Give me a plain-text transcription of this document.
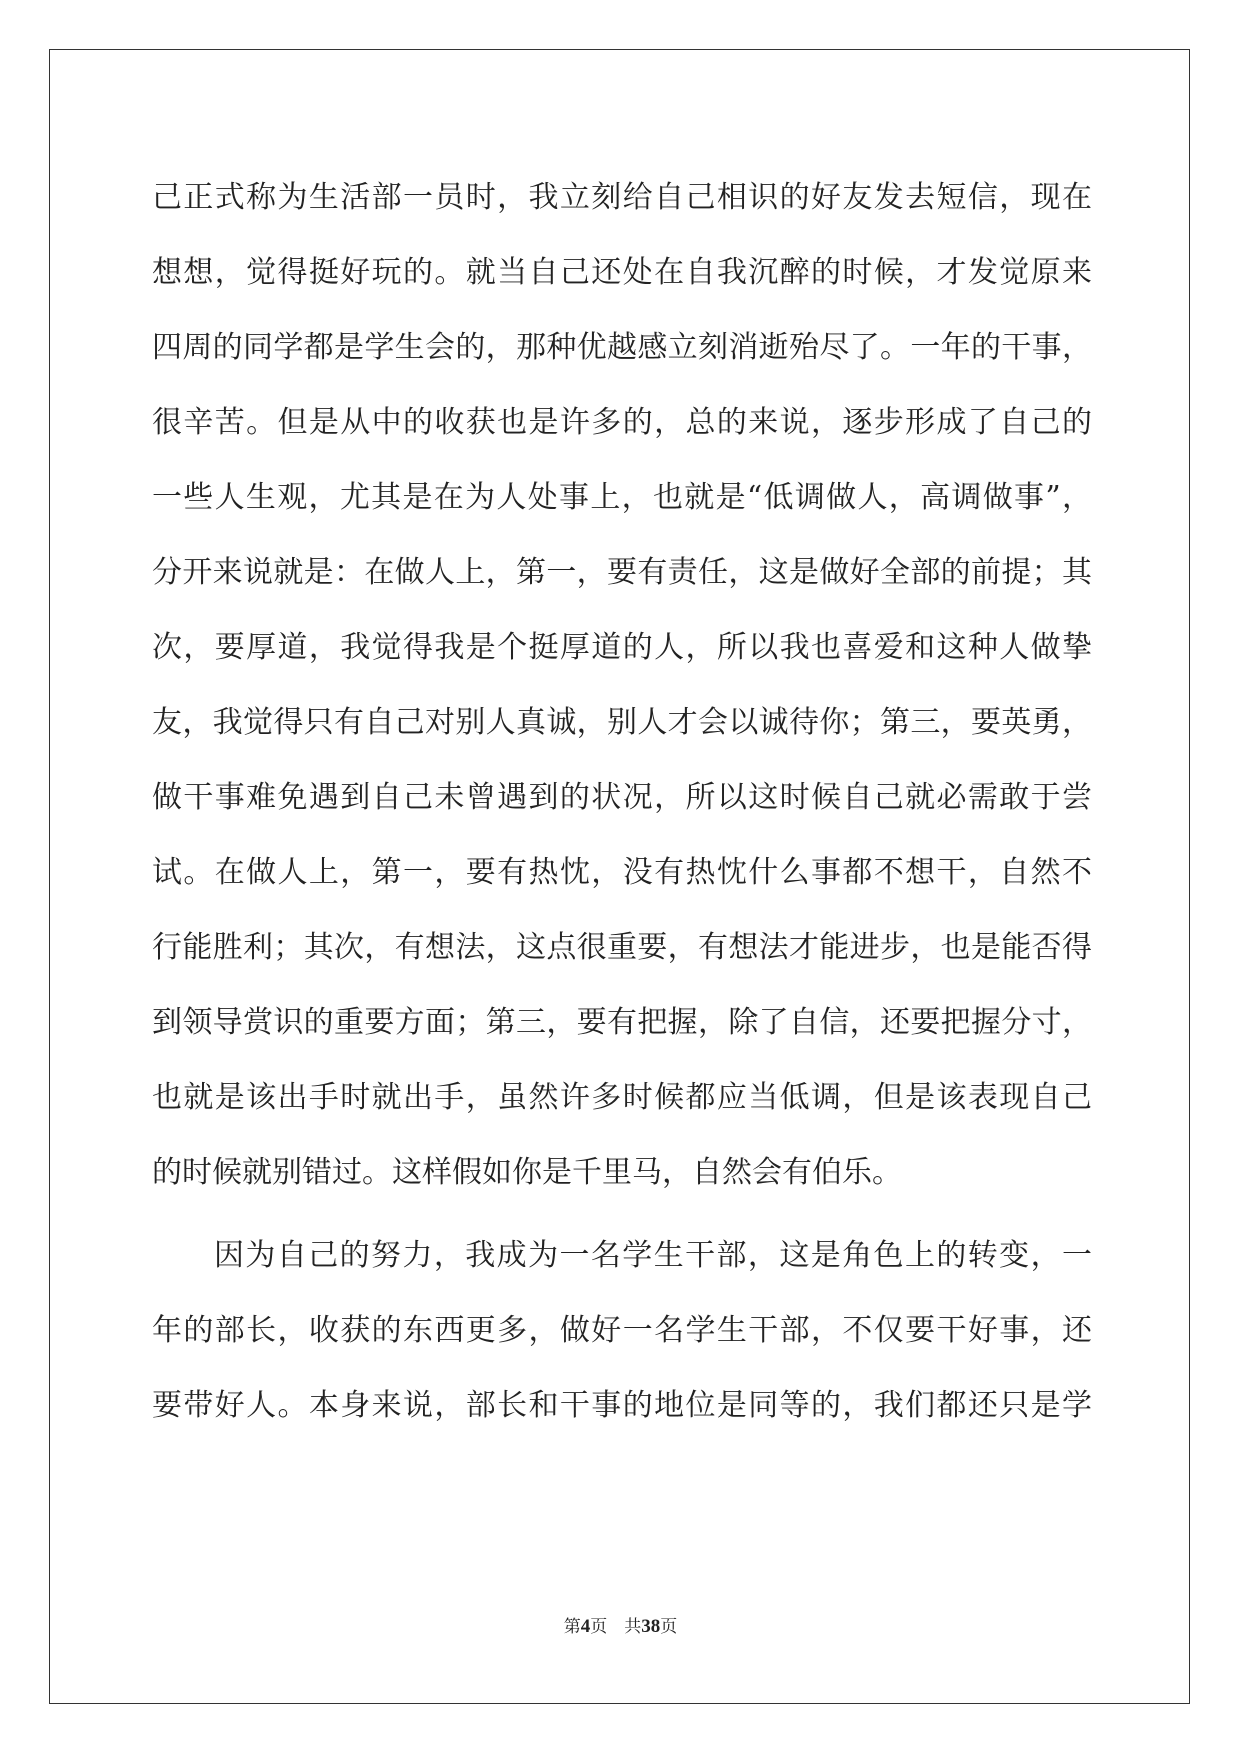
己正式称为生活部一员时，我立刻给自己相识的好友发去短信，现在
想想，觉得挺好玩的。就当自己还处在自我沉醉的时候，才发觉原来
四周的同学都是学生会的，那种优越感立刻消逝殆尽了。一年的干事，
很辛苦。但是从中的收获也是许多的，总的来说，逐步形成了自己的
一些人生观，尤其是在为人处事上，也就是“低调做人，高调做事”，
分开来说就是：在做人上，第一，要有责任，这是做好全部的前提；其
次，要厚道，我觉得我是个挺厚道的人，所以我也喜爱和这种人做挚
友，我觉得只有自己对别人真诚，别人才会以诚待你；第三，要英勇，
做干事难免遇到自己未曾遇到的状况，所以这时候自己就必需敢于尝
试。在做人上，第一，要有热忱，没有热忱什么事都不想干，自然不
行能胜利；其次，有想法，这点很重要，有想法才能进步，也是能否得
到领导赏识的重要方面；第三，要有把握，除了自信，还要把握分寸，
也就是该出手时就出手，虽然许多时候都应当低调，但是该表现自己
的时候就别错过。这样假如你是千里马，自然会有伯乐。
因为自己的努力，我成为一名学生干部，这是角色上的转变，一
年的部长，收获的东西更多，做好一名学生干部，不仅要干好事，还
要带好人。本身来说，部长和干事的地位是同等的，我们都还只是学
第4页　共38页
